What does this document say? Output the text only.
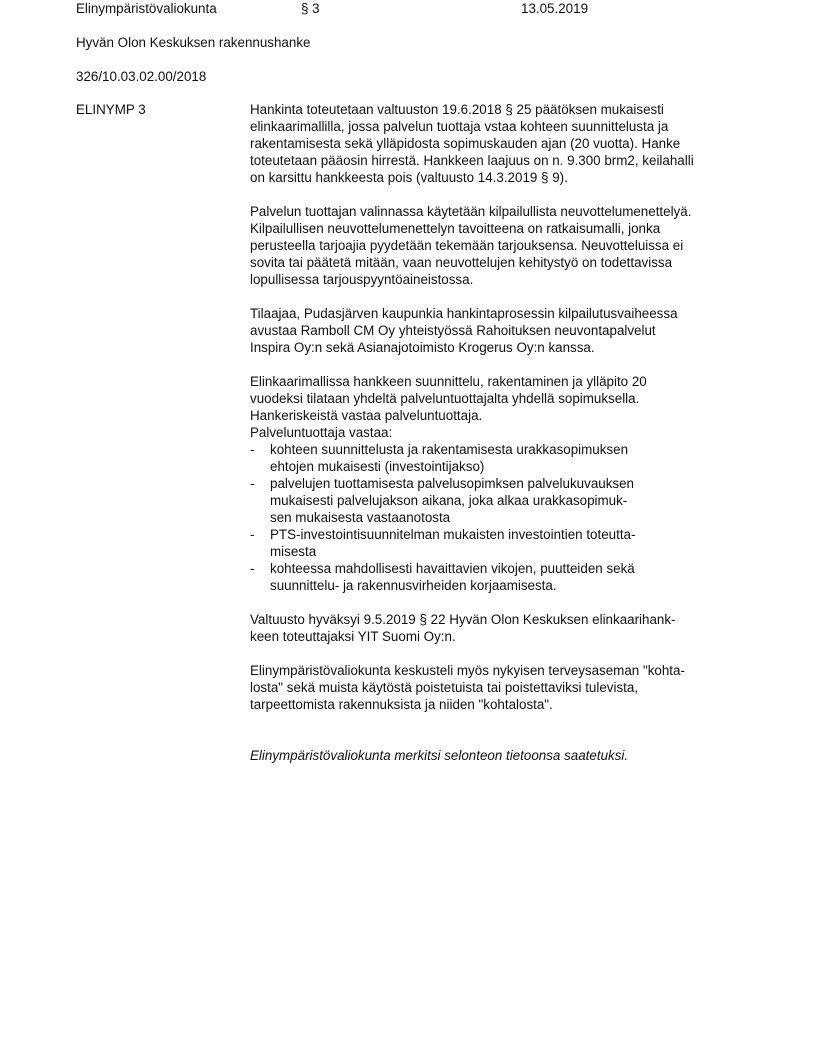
Elinympäristövaliokunta	§ 3	13.05.2019
Hyvän Olon Keskuksen rakennushanke
326/10.03.02.00/2018
ELINYMP 3	Hankinta toteutetaan valtuuston 19.6.2018 § 25 päätöksen mukaisesti
elinkaarimallilla, jossa palvelun tuottaja vstaa kohteen suunnittelusta ja
rakentamisesta sekä ylläpidosta sopimuskauden ajan (20 vuotta). Hanke
toteutetaan pääosin hirrestä. Hankkeen laajuus on n. 9.300 brm2, keilahalli
on karsittu hankkeesta pois (valtuusto 14.3.2019 § 9).
Palvelun tuottajan valinnassa käytetään kilpailullista neuvottelumenettelyä.
Kilpailullisen neuvottelumenettelyn tavoitteena on ratkaisumalli, jonka
perusteella tarjoajia pyydetään tekemään tarjouksensa. Neuvotteluissa ei
sovita tai päätetä mitään, vaan neuvottelujen kehitystyö on todettavissa
lopullisessa tarjouspyyntöaineistossa.
Tilaajaa, Pudasjärven kaupunkia hankintaprosessin kilpailutusvaiheessa
avustaa Ramboll CM Oy yhteistyössä Rahoituksen neuvontapalvelut
Inspira Oy:n sekä Asianajotoimisto Krogerus Oy:n kanssa.
Elinkaarimallissa hankkeen suunnittelu, rakentaminen ja ylläpito 20
vuodeksi tilataan yhdeltä palveluntuottajalta yhdellä sopimuksella.
Hankeriskeistä vastaa palveluntuottaja.
Palveluntuottaja vastaa:
- kohteen suunnittelusta ja rakentamisesta urakkasopimuksen
ehtojen mukaisesti (investointijakso)
- palvelujen tuottamisesta palvelusopimksen palvelukuvauksen
mukaisesti palvelujakson aikana, joka alkaa urakkasopimuk-
sen mukaisesta vastaanotosta
- PTS-investointisuunnitelman mukaisten investointien toteutta-
misesta
- kohteessa mahdollisesti havaittavien vikojen, puutteiden sekä
suunnittelu- ja rakennusvirheiden korjaamisesta.
Valtuusto hyväksyi 9.5.2019 § 22 Hyvän Olon Keskuksen elinkaarihank-
keen toteuttajaksi YIT Suomi Oy:n.
Elinympäristövaliokunta keskusteli myös nykyisen terveysaseman "kohta-
losta" sekä muista käytöstä poistetuista tai poistettaviksi tulevista,
tarpeettomista rakennuksista ja niiden "kohtalosta".
Elinympäristövaliokunta merkitsi selonteon tietoonsa saatetuksi.
